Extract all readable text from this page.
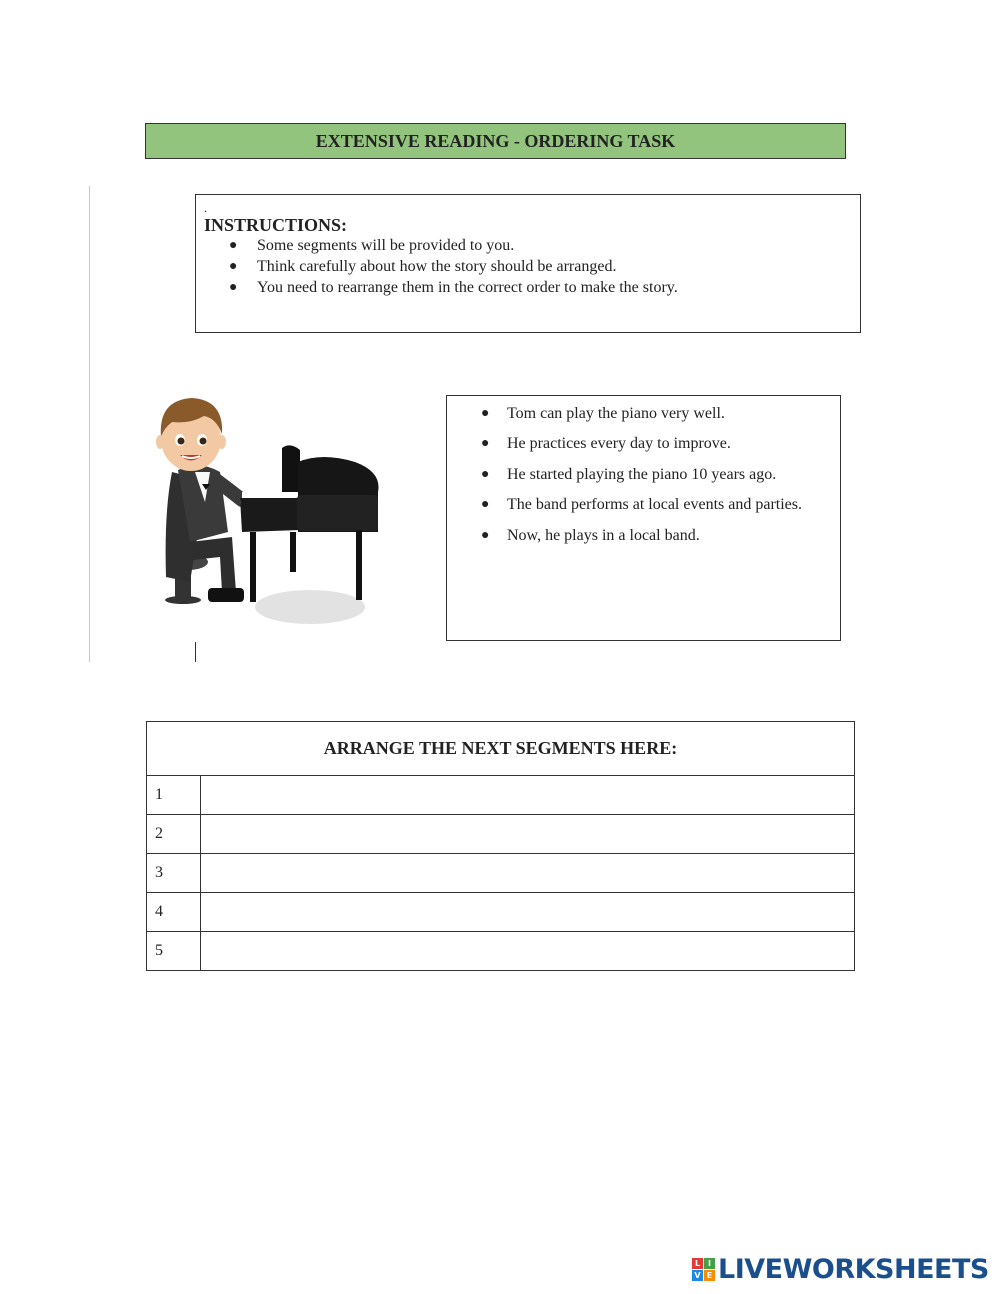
EXTENSIVE READING - ORDERING TASK
.
INSTRUCTIONS:
● Some segments will be provided to you.
● Think carefully about how the story should be arranged.
● You need to rearrange them in the correct order to make the story.
● Tom can play the piano very well.
● He practices every day to improve.
● He started playing the piano 10 years ago.
● The band performs at local events and parties.
● Now, he plays in a local band.
ARRANGE THE NEXT SEGMENTS HERE:	
1	
2	
3	
4	
5	
L I
V E LIVEWORKSHEETS
